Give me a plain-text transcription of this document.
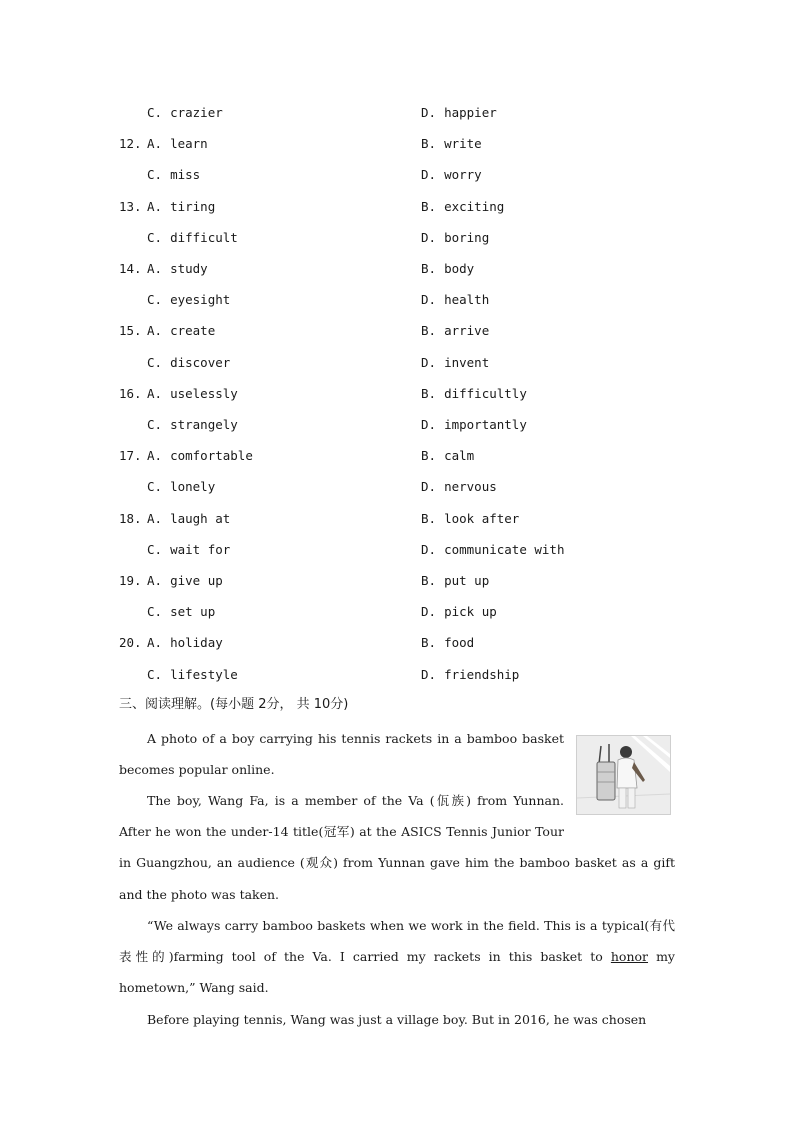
C. crazier	D. happier
12. A. learn	B. write
C. miss	D. worry
13. A. tiring	B. exciting
C. difficult	D. boring
14. A. study	B. body
C. eyesight	D. health
15. A. create	B. arrive
C. discover	D. invent
16. A. uselessly	B. difficultly
C. strangely	D. importantly
17. A. comfortable	B. calm
C. lonely	D. nervous
18. A. laugh at	B. look after
C. wait for	D. communicate with
19. A. give up	B. put up
C. set up	D. pick up
20. A. holiday	B. food
C. lifestyle	D. friendship
三、阅读理解。(每小题 2分， 共 10分)
A photo of a boy carrying his tennis rackets in a bamboo basket becomes popular online.
The boy, Wang Fa, is a member of the Va (佤族) from Yunnan. After he won the under-14 title(冠军) at the ASICS Tennis Junior Tour in Guangzhou, an audience (观众) from Yunnan gave him the bamboo basket as a gift and the photo was taken.
“We always carry bamboo baskets when we work in the field. This is a typical(有代表性的)farming tool of the Va. I carried my rackets in this basket to honor my hometown,” Wang said.
Before playing tennis, Wang was just a village boy. But in 2016, he was chosen
